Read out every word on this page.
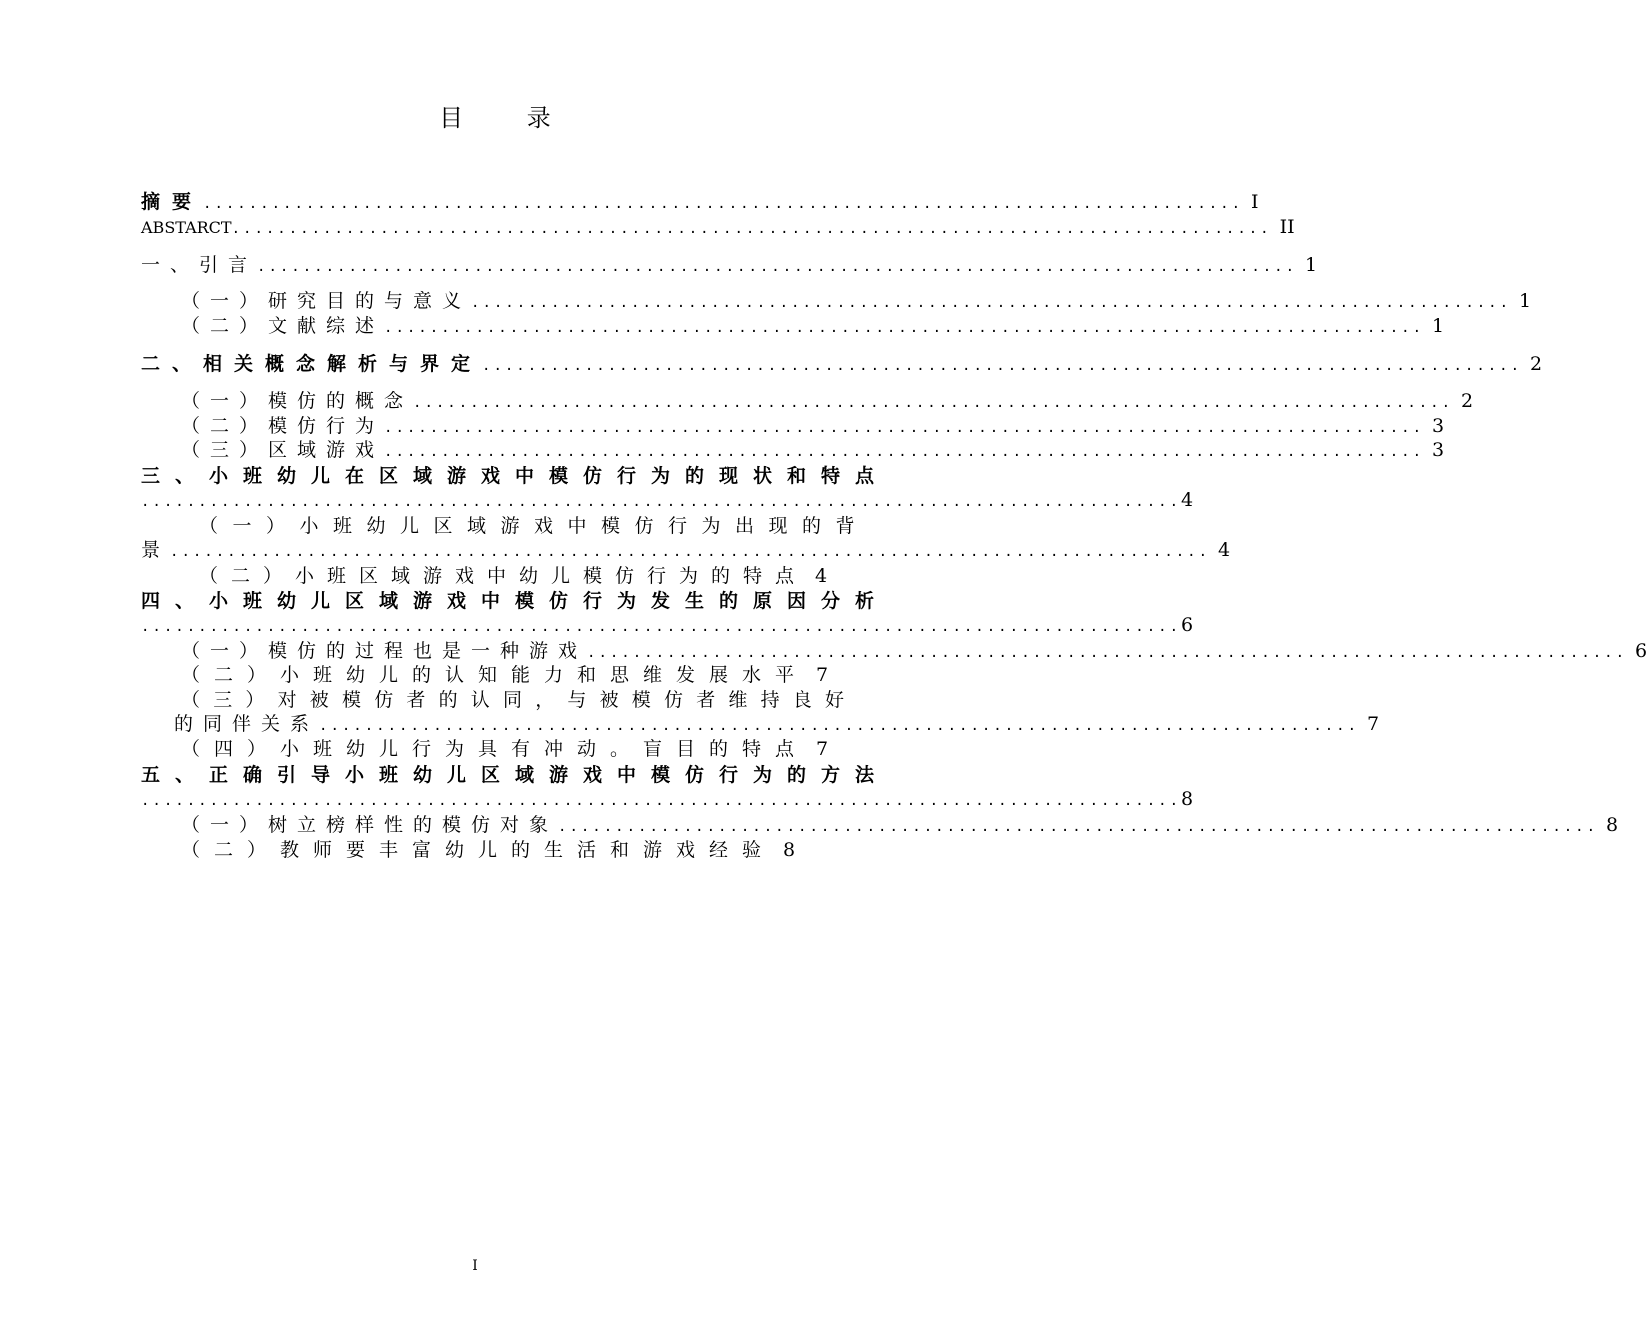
目 录
摘要 ........................................................................................... I
ABSTARCT ........................................................................................... II
一、引言 ........................................................................................... 1
（一）研究目的与意义 ........................................................................................... 1
（二）文献综述 ........................................................................................... 1
二、相关概念解析与界定 ........................................................................................... 2
（一）模仿的概念 ........................................................................................... 2
（二）模仿行为 ........................................................................................... 3
（三）区域游戏 ........................................................................................... 3
三、小班幼儿在区域游戏中模仿行为的现状和特点
........................................................................................... 4
（一）小班幼儿区域游戏中模仿行为出现的背
景 ........................................................................................... 4
（二）小班区域游戏中幼儿模仿行为的特点 4
四、小班幼儿区域游戏中模仿行为发生的原因分析
........................................................................................... 6
（一）模仿的过程也是一种游戏 ........................................................................................... 6
（二）小班幼儿的认知能力和思维发展水平 7
（三）对被模仿者的认同，与被模仿者维持良好
的同伴关系 ........................................................................................... 7
（四）小班幼儿行为具有冲动。盲目的特点 7
五、正确引导小班幼儿区域游戏中模仿行为的方法
........................................................................................... 8
（一）树立榜样性的模仿对象 ........................................................................................... 8
（二）教师要丰富幼儿的生活和游戏经验 8
I
